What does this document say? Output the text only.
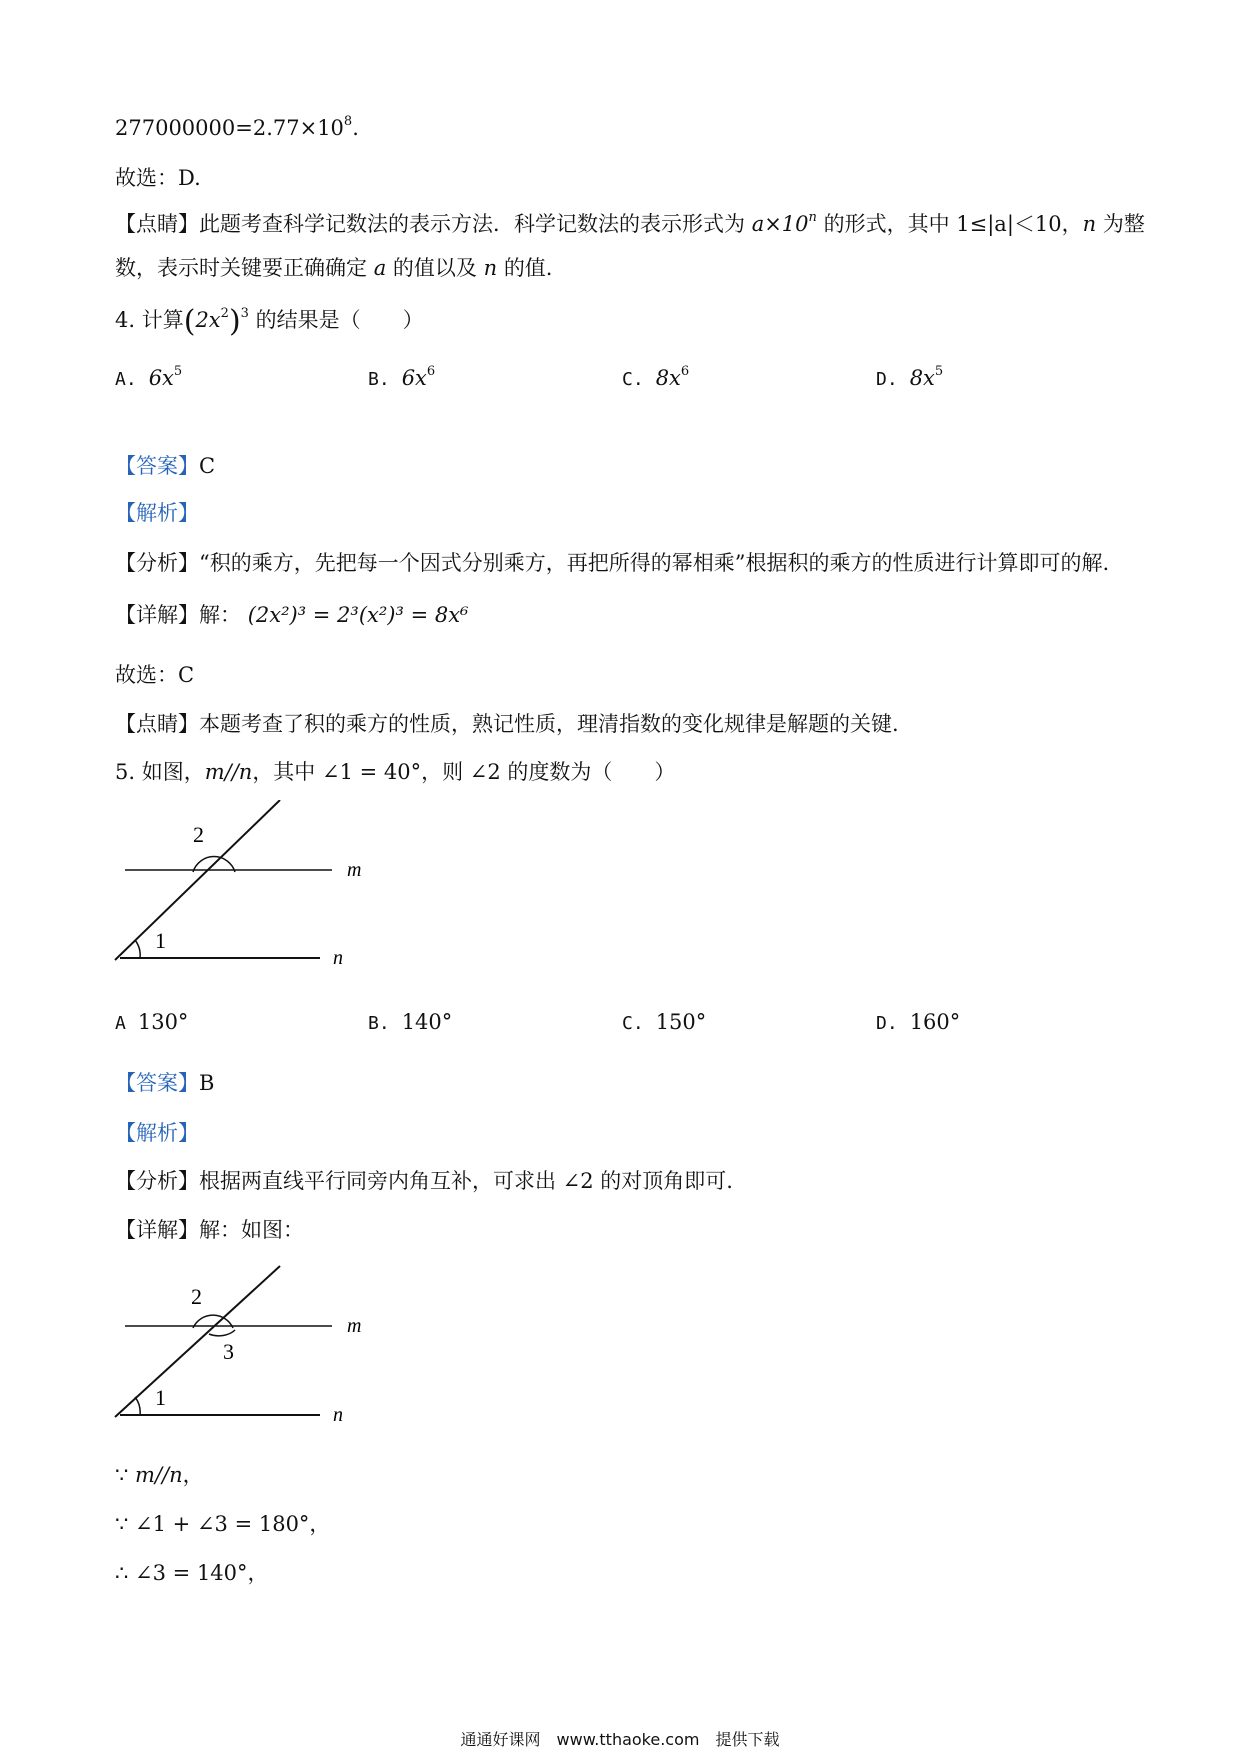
$277000000=2.77\times 10^8$.
故选：D.
【点睛】此题考查科学记数法的表示方法．科学记数法的表示形式为 $a\times 10^n$ 的形式，其中 1≤|a|＜10，n 为整
数，表示时关键要正确确定 a 的值以及 n 的值.
4. 计算$(2x^2)^3$ 的结果是（　　）
A. $6x^5$	B. $6x^6$	C. $8x^6$	D. $8x^5$
【答案】C
【解析】
【分析】“积的乘方，先把每一个因式分别乘方，再把所得的幂相乘”根据积的乘方的性质进行计算即可的解.
【详解】解： (2x²)³ = 2³(x²)³ = 8x⁶
故选：C
【点睛】本题考查了积的乘方的性质，熟记性质，理清指数的变化规律是解题的关键.
5. 如图，m//n，其中 ∠1 = 40°，则 ∠2 的度数为（　　）
2
1
m
n
A 130°	B. 140°	C. 150°	D. 160°
【答案】B
【解析】
【分析】根据两直线平行同旁内角互补，可求出 ∠2 的对顶角即可.
【详解】解：如图：
2
3
1
m
n
∵ m//n，
∵ ∠1 + ∠3 = 180°，
∴ ∠3 = 140°，
通通好课网　www.tthaoke.com　提供下载
